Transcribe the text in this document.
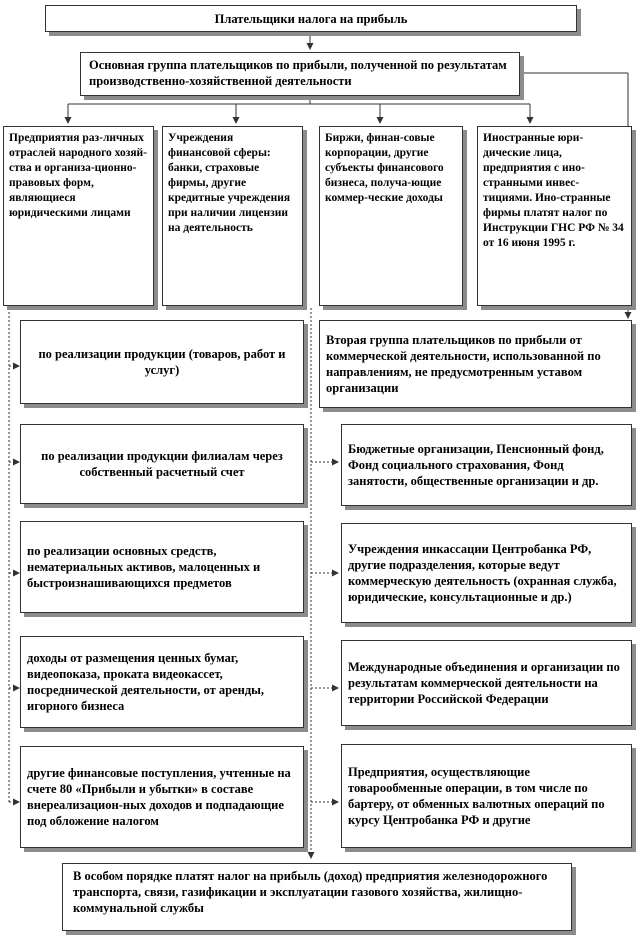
Плательщики налога на прибыль
Основная группа плательщиков по прибыли, полученной по результатам производственно-хозяйственной деятельности
Предприятия раз-личных отраслей народного хозяй-ства и организа-ционно-правовых форм, являющиеся юридическими лицами
Учреждения финансовой сферы: банки, страховые фирмы, другие кредитные учреждения при наличии лицензии на деятельность
Биржи, финан-совые корпорации, другие субъекты финансового бизнеса, получа-ющие коммер-ческие доходы
Иностранные юри-дические лица, предприятия с ино-странными инвес-тициями. Ино-странные фирмы платят налог по Инструкции ГНС РФ № 34 от 16 июня 1995 г.
по реализации продукции (товаров, работ и услуг)
по реализации продукции филиалам через собственный расчетный счет
по реализации основных средств, нематериальных активов, малоценных и быстроизнашивающихся предметов
доходы от размещения ценных бумаг, видеопоказа, проката видеокассет, посреднической деятельности, от аренды, игорного бизнеса
другие финансовые поступления, учтенные на счете 80 «Прибыли и убытки» в составе внереализацион-ных доходов и подпадающие под обложение налогом
Вторая группа плательщиков по прибыли от коммерческой деятельности, использованной по направлениям, не предусмотренным уставом организации
Бюджетные организации, Пенсионный фонд, Фонд социального страхования, Фонд занятости, общественные организации и др.
Учреждения инкассации Центробанка РФ, другие подразделения, которые ведут коммерческую деятельность (охранная служба, юридические, консультационные и др.)
Международные объединения и организации по результатам коммерческой деятельности на территории Российской Федерации
Предприятия, осуществляющие товарообменные операции, в том числе по бартеру, от обменных валютных операций по курсу Центробанка РФ и другие
В особом порядке платят налог на прибыль (доход) предприятия железнодорожного транспорта, связи, газификации и эксплуатации газового хозяйства, жилищно-коммунальной службы
